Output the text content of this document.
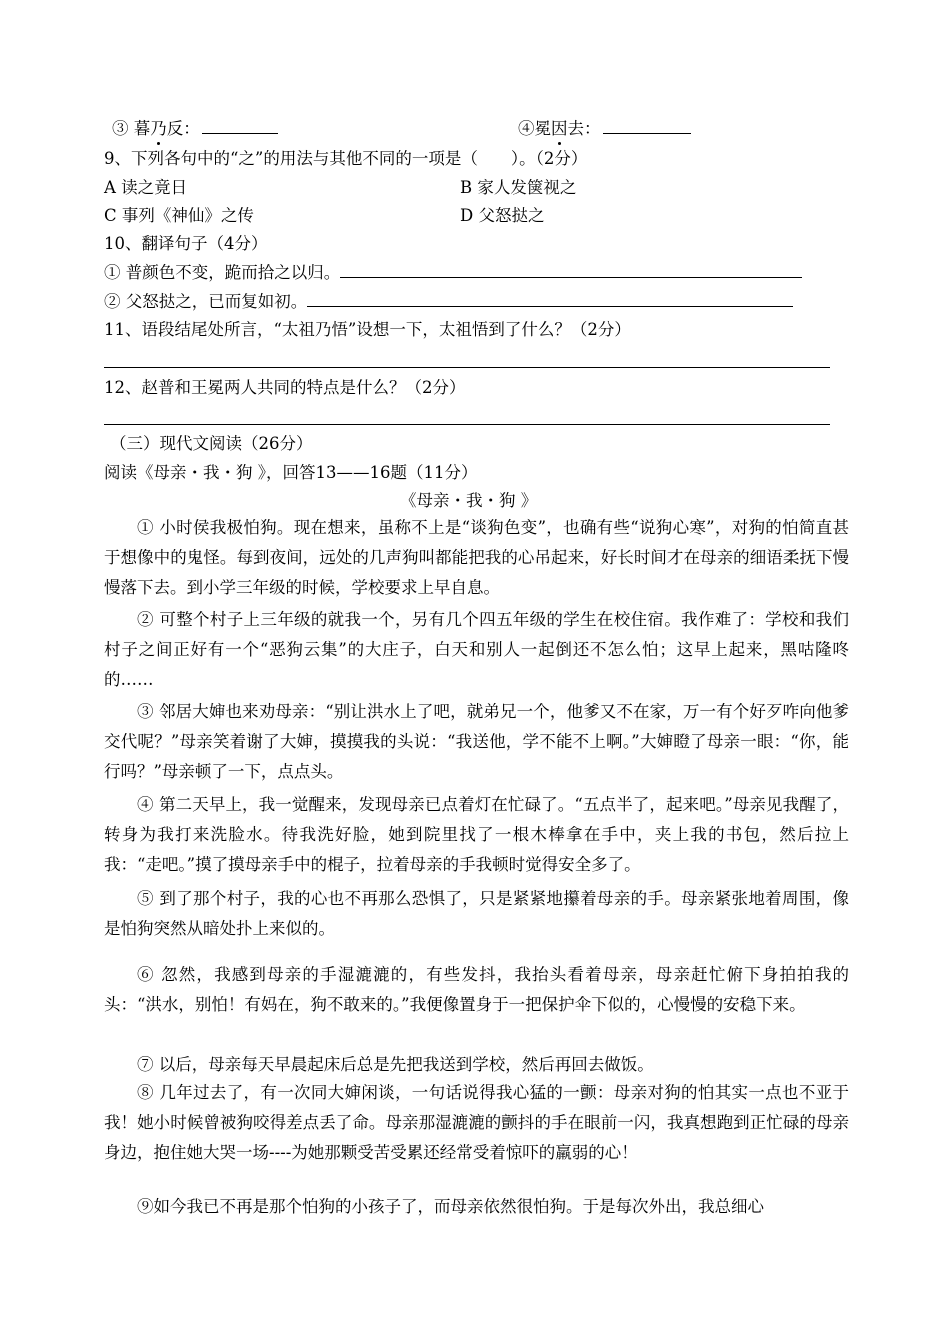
③ 暮乃反：	④冕因去：
9、下列各句中的“之”的用法与其他不同的一项是（　　）。（2分）
A 读之竟日	B 家人发箧视之
C 事列《神仙》之传	D 父怒挞之
10、翻译句子（4分）
① 普颜色不变，跪而拾之以归。
② 父怒挞之，已而复如初。
11、语段结尾处所言，“太祖乃悟”设想一下，太祖悟到了什么？（2分）
12、赵普和王冕两人共同的特点是什么？（2分）
（三）现代文阅读（26分）
阅读《母亲・我・狗 》，回答13——16题（11分）
《母亲・我・狗 》
① 小时侯我极怕狗。现在想来，虽称不上是“谈狗色变”，也确有些“说狗心寒”，对狗的怕简直甚于想像中的鬼怪。每到夜间，远处的几声狗叫都能把我的心吊起来，好长时间才在母亲的细语柔抚下慢慢落下去。到小学三年级的时候，学校要求上早自息。
② 可整个村子上三年级的就我一个，另有几个四五年级的学生在校住宿。我作难了：学校和我们村子之间正好有一个“恶狗云集”的大庄子，白天和别人一起倒还不怎么怕；这早上起来，黑咕隆咚的……
③ 邻居大婶也来劝母亲：“别让洪水上了吧，就弟兄一个，他爹又不在家，万一有个好歹咋向他爹交代呢？”母亲笑着谢了大婶，摸摸我的头说：“我送他，学不能不上啊。”大婶瞪了母亲一眼：“你，能行吗？”母亲顿了一下，点点头。
④ 第二天早上，我一觉醒来，发现母亲已点着灯在忙碌了。“五点半了，起来吧。”母亲见我醒了，转身为我打来洗脸水。待我洗好脸，她到院里找了一根木棒拿在手中，夹上我的书包，然后拉上我：“走吧。”摸了摸母亲手中的棍子，拉着母亲的手我顿时觉得安全多了。
⑤ 到了那个村子，我的心也不再那么恐惧了，只是紧紧地攥着母亲的手。母亲紧张地着周围，像是怕狗突然从暗处扑上来似的。
⑥ 忽然，我感到母亲的手湿漉漉的，有些发抖，我抬头看着母亲，母亲赶忙俯下身拍拍我的头：“洪水，别怕！有妈在，狗不敢来的。”我便像置身于一把保护伞下似的，心慢慢的安稳下来。
⑦ 以后，母亲每天早晨起床后总是先把我送到学校，然后再回去做饭。
⑧ 几年过去了，有一次同大婶闲谈，一句话说得我心猛的一颤：母亲对狗的怕其实一点也不亚于我！她小时候曾被狗咬得差点丢了命。母亲那湿漉漉的颤抖的手在眼前一闪，我真想跑到正忙碌的母亲身边，抱住她大哭一场----为她那颗受苦受累还经常受着惊吓的羸弱的心！
⑨如今我已不再是那个怕狗的小孩子了，而母亲依然很怕狗。于是每次外出，我总细心
